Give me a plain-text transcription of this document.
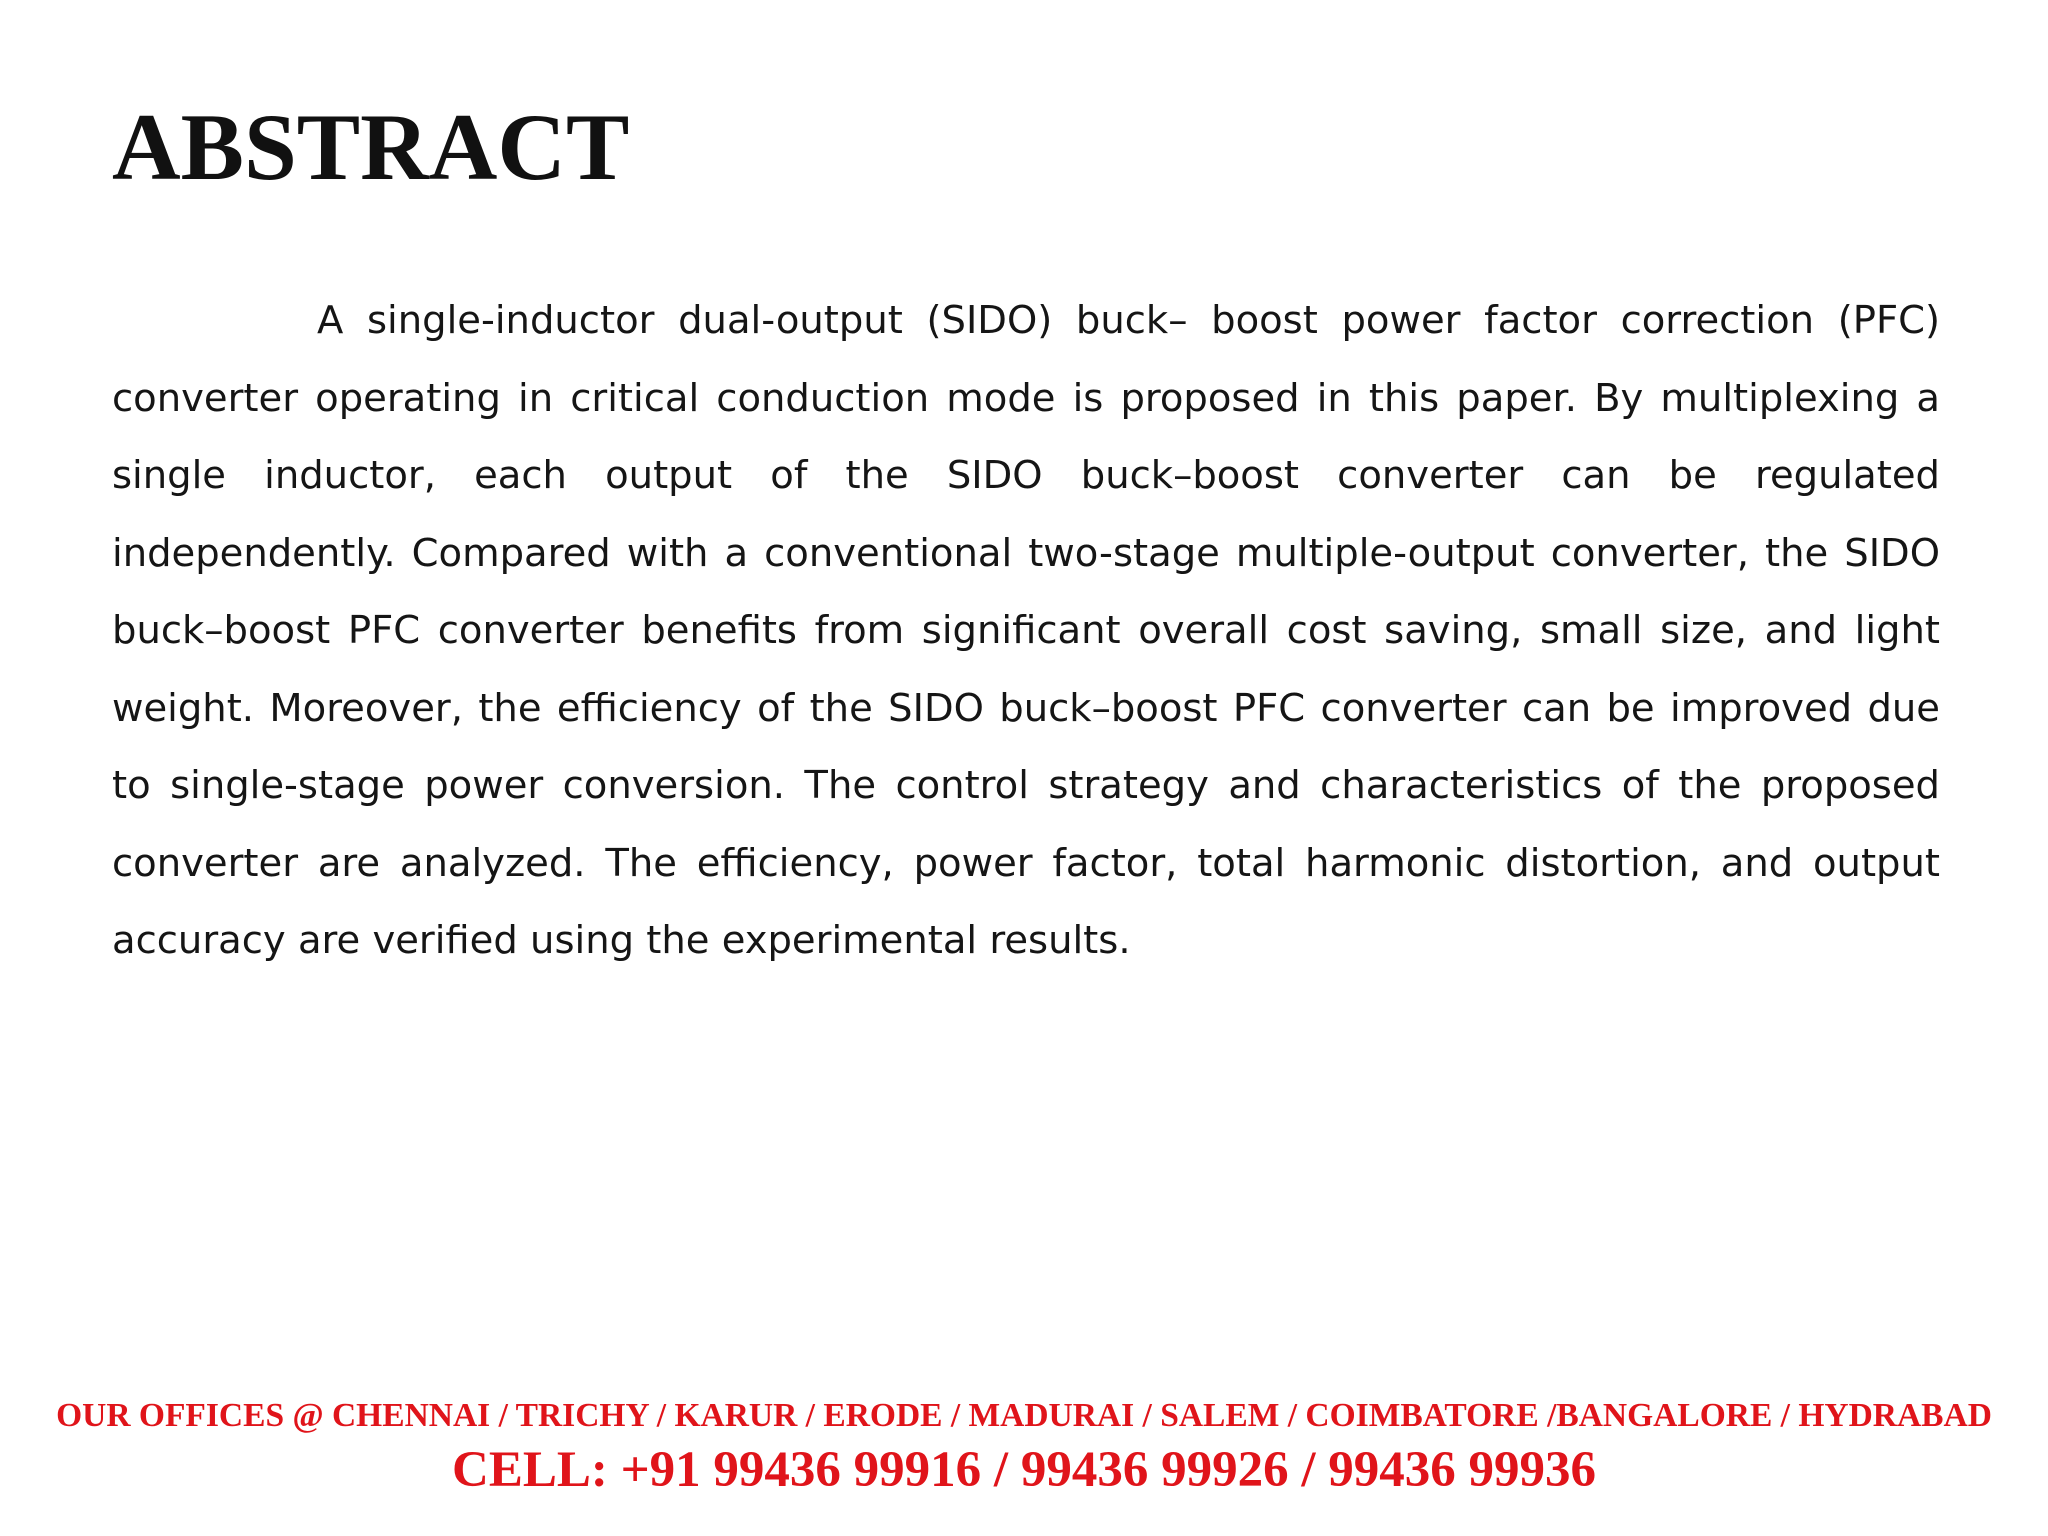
ABSTRACT

A single-inductor dual-output (SIDO) buck– boost power factor correction (PFC) converter operating in critical conduction mode is proposed in this paper. By multiplexing a single inductor, each output of the SIDO buck–boost converter can be regulated independently. Compared with a conventional two-stage multiple-output converter, the SIDO buck–boost PFC converter benefits from significant overall cost saving, small size, and light weight. Moreover, the efficiency of the SIDO buck–boost PFC converter can be improved due to single-stage power conversion. The control strategy and characteristics of the proposed converter are analyzed. The efficiency, power factor, total harmonic distortion, and output accuracy are verified using the experimental results.

OUR OFFICES @ CHENNAI / TRICHY / KARUR / ERODE / MADURAI / SALEM / COIMBATORE /BANGALORE / HYDRABAD
CELL: +91 99436 99916 / 99436 99926 / 99436 99936
